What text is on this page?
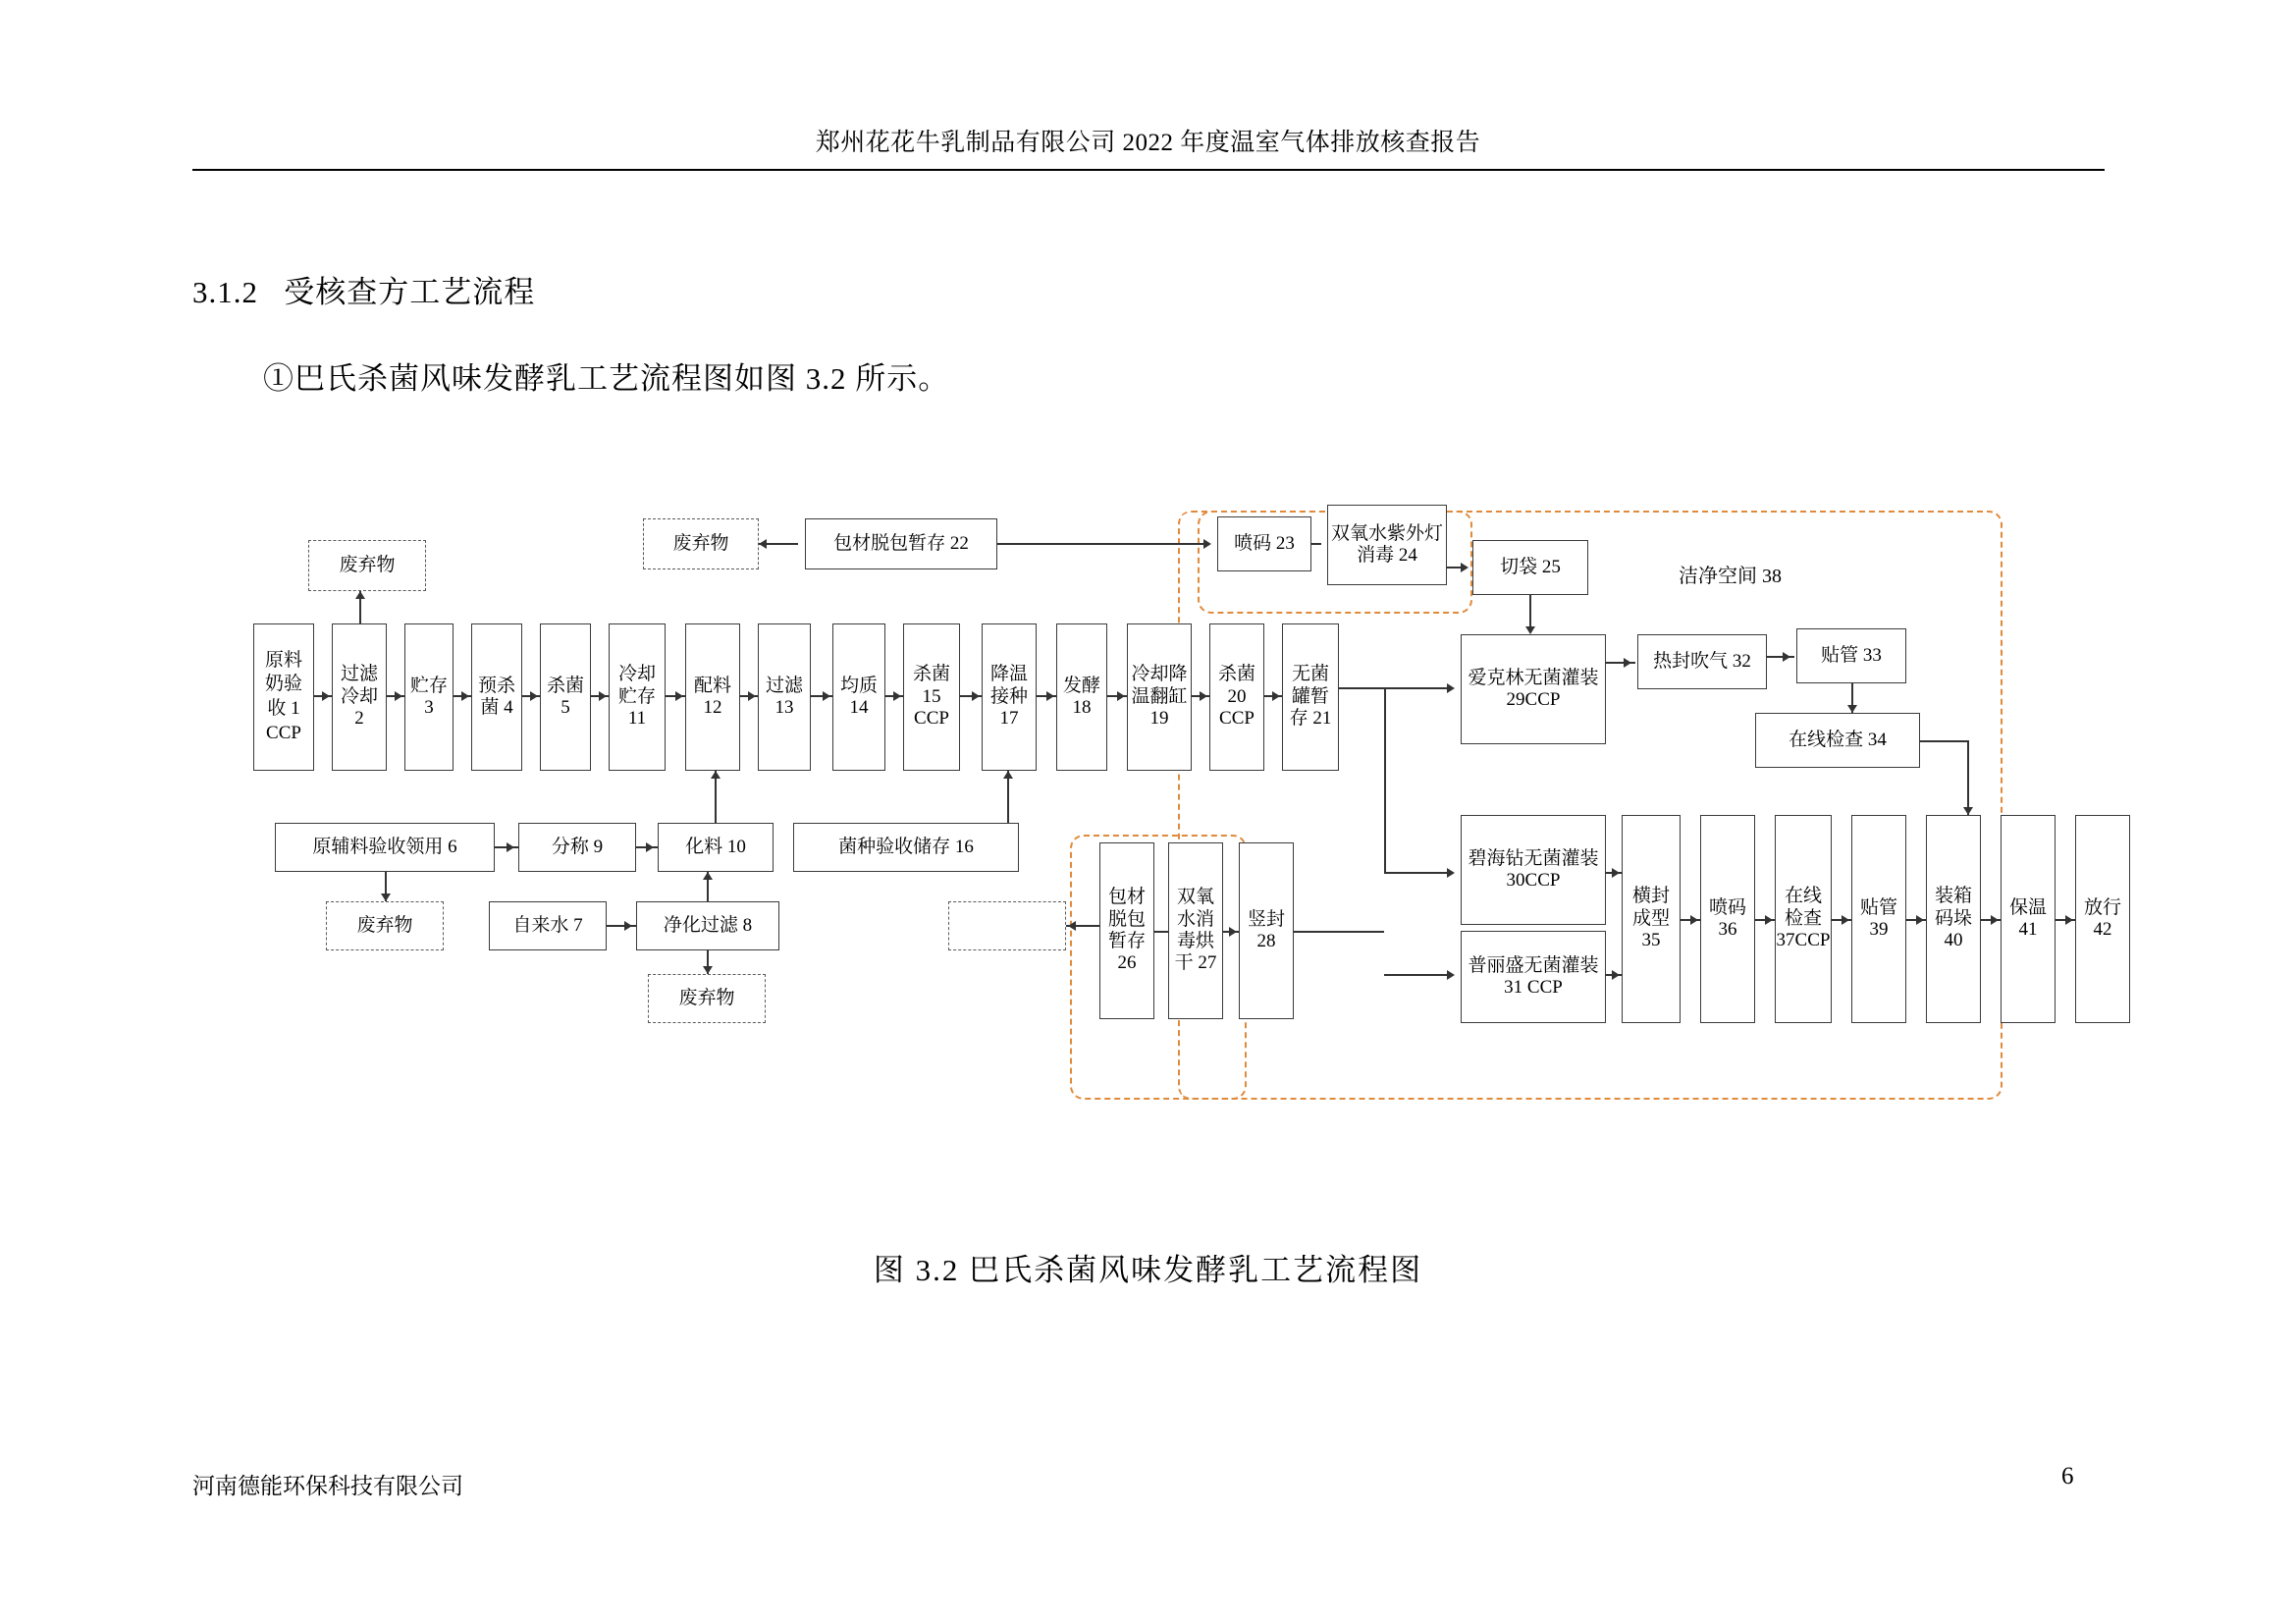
郑州花花牛乳制品有限公司 2022 年度温室气体排放核查报告
3.1.2 受核查方工艺流程
①巴氏杀菌风味发酵乳工艺流程图如图 3.2 所示。
洁净空间 38
废弃物	包材脱包暂存 22	喷码 23	双氧水紫外灯消毒 24
切袋 25
原料奶验收 1 CCP
过滤冷却 2
贮存 3
预杀菌 4
杀菌 5
冷却贮存 11
配料 12
过滤 13
均质 14
杀菌 15 CCP
降温接种 17
发酵 18
冷却降温翻缸 19
杀菌 20 CCP
无菌罐暂存 21
废弃物
原辅料验收领用 6	分称 9	化料 10
自来水 7	净化过滤 8
废弃物
废弃物
菌种验收储存 16
包材脱包暂存 26
双氧水消毒烘干 27
竖封 28
爱克林无菌灌装 29CCP
碧海钻无菌灌装 30CCP
普丽盛无菌灌装 31 CCP
热封吹气 32	贴管 33
在线检查 34
横封成型 35
喷码 36
在线检查 37CCP
贴管 39
装箱码垛 40
保温 41
放行 42
图 3.2 巴氏杀菌风味发酵乳工艺流程图
河南德能环保科技有限公司	6
